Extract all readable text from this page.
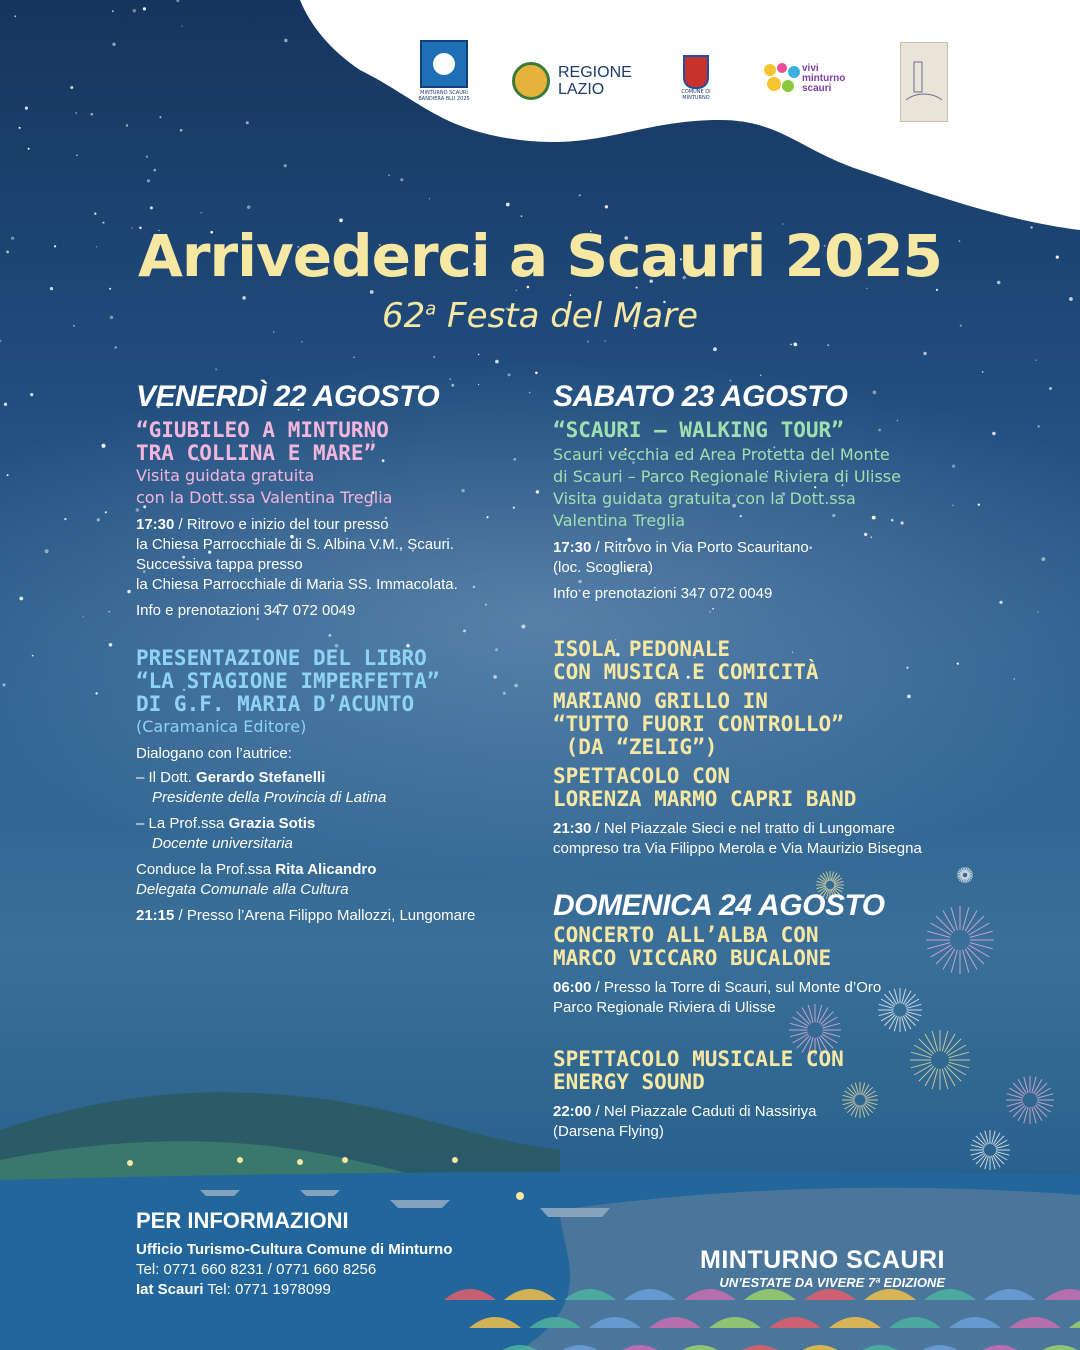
MINTURNO SCAURI BANDIERA BLU 2025
REGIONE
LAZIO	COMUNE DI MINTURNO
vivi
minturno
scauri
Arrivederci a Scauri 2025
62$^a$ Festa del Mare
VENERDÌ 22 AGOSTO
“GIUBILEO A MINTURNO
TRA COLLINA E MARE”
Visita guidata gratuita
con la Dott.ssa Valentina Treglia
17:30 / Ritrovo e inizio del tour presso
la Chiesa Parrocchiale di S. Albina V.M., Scauri.
Successiva tappa presso
la Chiesa Parrocchiale di Maria SS. Immacolata.
Info e prenotazioni 347 072 0049
PRESENTAZIONE DEL LIBRO
“LA STAGIONE IMPERFETTA”
DI G.F. MARIA D’ACUNTO
(Caramanica Editore)
Dialogano con l’autrice:
– Il Dott. Gerardo Stefanelli
Presidente della Provincia di Latina
– La Prof.ssa Grazia Sotis
Docente universitaria
Conduce la Prof.ssa Rita Alicandro
Delegata Comunale alla Cultura
21:15 / Presso l’Arena Filippo Mallozzi, Lungomare
SABATO 23 AGOSTO
“SCAURI – WALKING TOUR”
Scauri vecchia ed Area Protetta del Monte
di Scauri – Parco Regionale Riviera di Ulisse
Visita guidata gratuita con la Dott.ssa
Valentina Treglia
17:30 / Ritrovo in Via Porto Scauritano
(loc. Scogliera)
Info e prenotazioni 347 072 0049
ISOLA PEDONALE
CON MUSICA E COMICITÀ
MARIANO GRILLO IN
“TUTTO FUORI CONTROLLO”
(DA “ZELIG”)
SPETTACOLO CON
LORENZA MARMO CAPRI BAND
21:30 / Nel Piazzale Sieci e nel tratto di Lungomare
compreso tra Via Filippo Merola e Via Maurizio Bisegna
DOMENICA 24 AGOSTO
CONCERTO ALL’ALBA CON
MARCO VICCARO BUCALONE
06:00 / Presso la Torre di Scauri, sul Monte d’Oro
Parco Regionale Riviera di Ulisse
SPETTACOLO MUSICALE CON
ENERGY SOUND
22:00 / Nel Piazzale Caduti di Nassiriya
(Darsena Flying)
PER INFORMAZIONI
Ufficio Turismo-Cultura Comune di Minturno
Tel: 0771 660 8231 / 0771 660 8256
Iat Scauri Tel: 0771 1978099
MINTURNO SCAURI
UN’ESTATE DA VIVERE 7ª EDIZIONE
